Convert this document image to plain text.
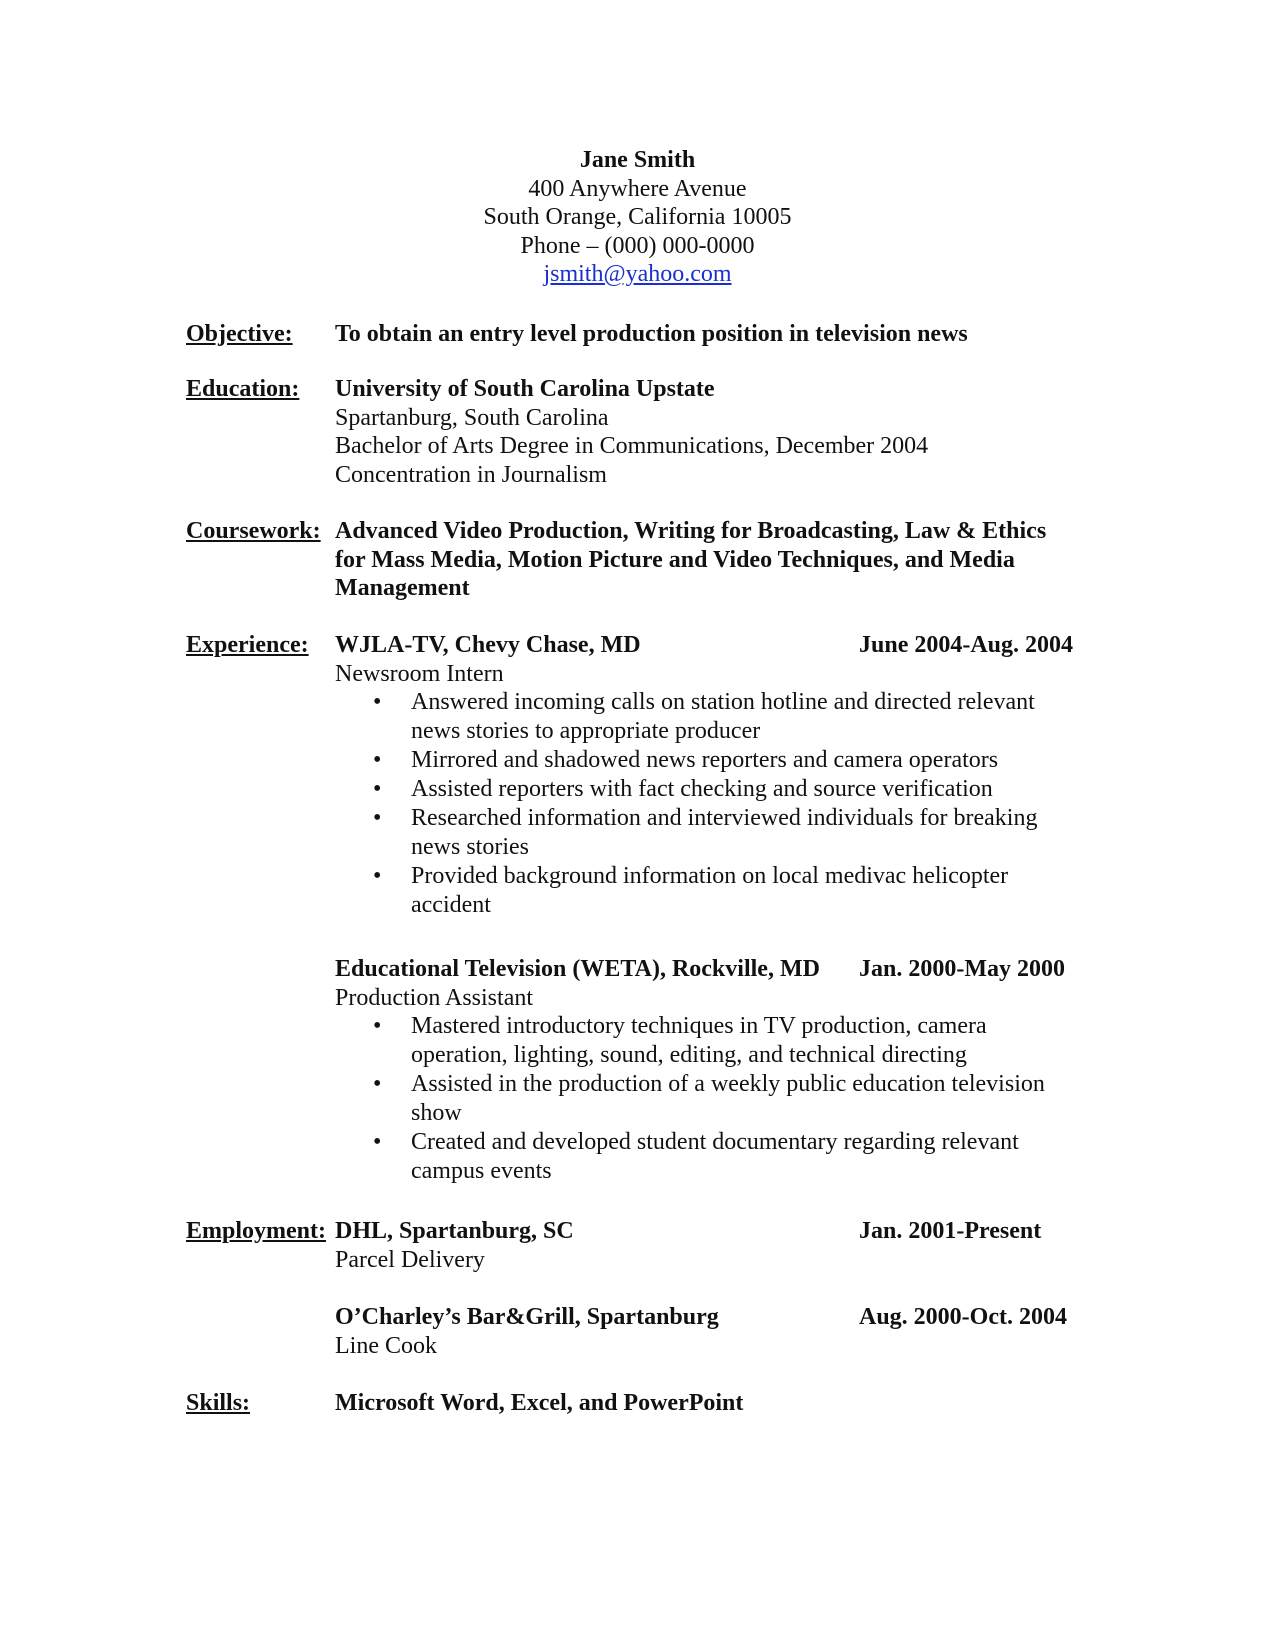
Jane Smith
400 Anywhere Avenue
South Orange, California 10005
Phone – (000) 000-0000
jsmith@yahoo.com
Objective: To obtain an entry level production position in television news
Education: University of South Carolina Upstate
Spartanburg, South Carolina
Bachelor of Arts Degree in Communications, December 2004
Concentration in Journalism
Coursework: Advanced Video Production, Writing for Broadcasting, Law & Ethics
for Mass Media, Motion Picture and Video Techniques, and Media
Management
Experience: WJLA-TV, Chevy Chase, MD
Newsroom Intern
• Answered incoming calls on station hotline and directed relevant news stories to appropriate producer
• Mirrored and shadowed news reporters and camera operators
• Assisted reporters with fact checking and source verification
• Researched information and interviewed individuals for breaking news stories
• Provided background information on local medivac helicopter accident
June 2004-Aug. 2004
Educational Television (WETA), Rockville, MD
Production Assistant
• Mastered introductory techniques in TV production, camera operation, lighting, sound, editing, and technical directing
• Assisted in the production of a weekly public education television show
• Created and developed student documentary regarding relevant campus events
Jan. 2000-May 2000
Employment: DHL, Spartanburg, SC
Parcel Delivery
Jan. 2001-Present
O’Charley’s Bar&Grill, Spartanburg
Line Cook
Aug. 2000-Oct. 2004
Skills:	Microsoft Word, Excel, and PowerPoint
